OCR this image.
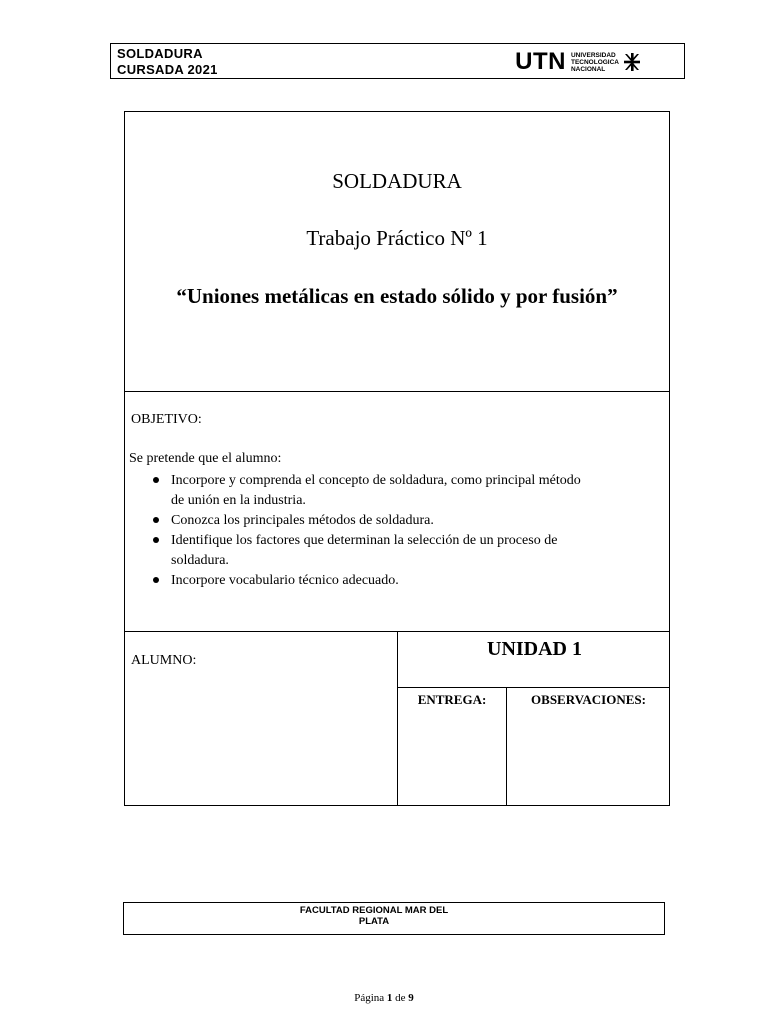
SOLDADURA
CURSADA 2021	UTN UNIVERSIDAD
TECNOLOGICA
NACIONAL
SOLDADURA
Trabajo Práctico Nº 1
“Uniones metálicas en estado sólido y por fusión”
OBJETIVO:
Se pretende que el alumno:
Incorpore y comprenda el concepto de soldadura, como principal método
de unión en la industria.
Conozca los principales métodos de soldadura.
Identifique los factores que determinan la selección de un proceso de
soldadura.
Incorpore vocabulario técnico adecuado.
ALUMNO:
UNIDAD 1
ENTREGA:	OBSERVACIONES:
FACULTAD REGIONAL MAR DEL
PLATA
Página 1 de 9
